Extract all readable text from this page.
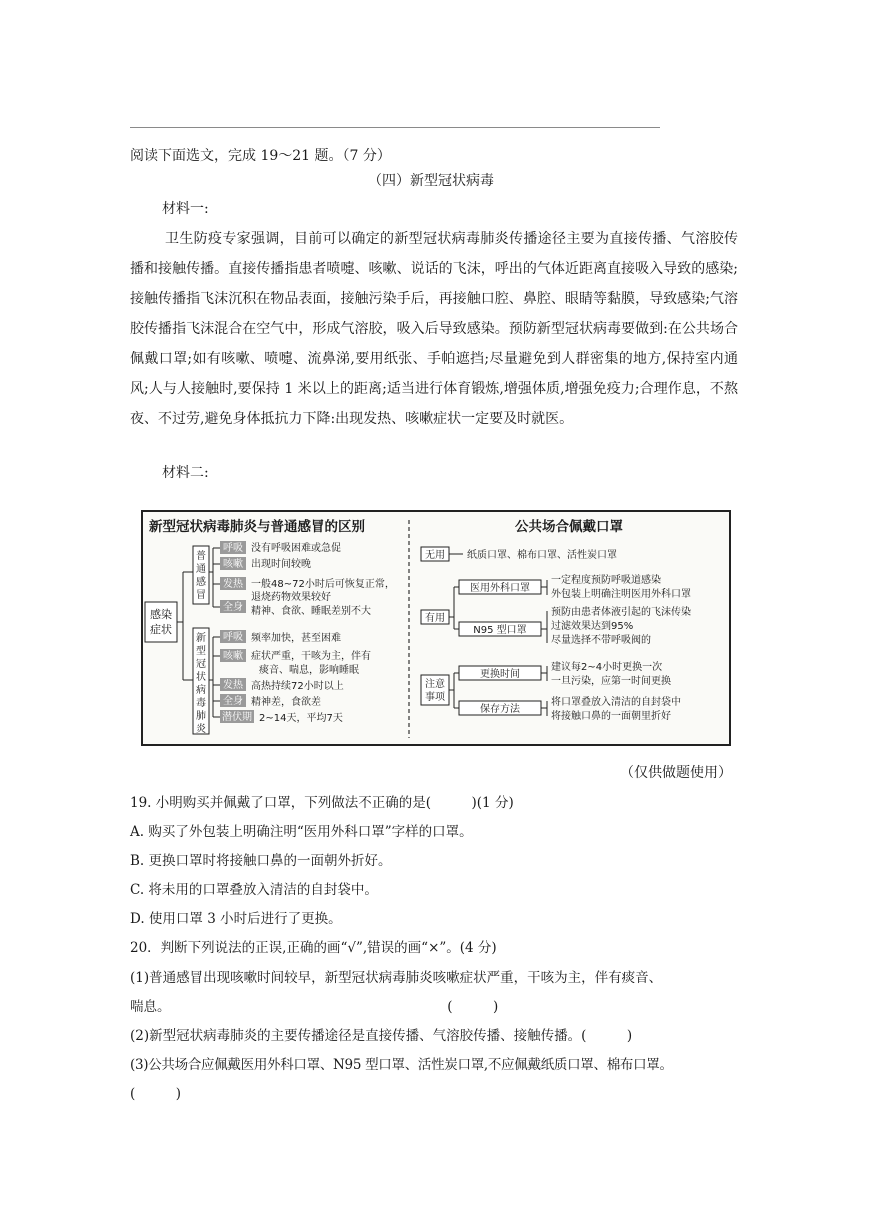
阅读下面选文，完成 19～21 题。（7 分）
（四）新型冠状病毒
材料一:
卫生防疫专家强调，目前可以确定的新型冠状病毒肺炎传播途径主要为直接传播、气溶胶传播和接触传播。直接传播指患者喷嚏、咳嗽、说话的飞沫，呼出的气体近距离直接吸入导致的感染;接触传播指飞沫沉积在物品表面，接触污染手后，再接触口腔、鼻腔、眼睛等黏膜，导致感染;气溶胶传播指飞沫混合在空气中，形成气溶胶，吸入后导致感染。预防新型冠状病毒要做到:在公共场合佩戴口罩;如有咳嗽、喷嚏、流鼻涕,要用纸张、手帕遮挡;尽量避免到人群密集的地方,保持室内通风;人与人接触时,要保持 1 米以上的距离;适当进行体育锻炼,增强体质,增强免疫力;合理作息，不熬夜、不过劳,避免身体抵抗力下降:出现发热、咳嗽症状一定要及时就医。
材料二:
新型冠状病毒肺炎与普通感冒的区别
感染
症状
普
通
感
冒
呼吸 没有呼吸困难或急促
咳嗽 出现时间较晚
发热 一般48~72小时后可恢复正常，
退烧药物效果较好
全身 精神、食欲、睡眠差别不大
新
型
冠
状
病
毒
肺
炎
呼吸 频率加快，甚至困难
咳嗽 症状严重，干咳为主，伴有
痰音、喘息，影响睡眠
发热 高热持续72小时以上
全身 精神差，食欲差
潜伏期 2~14天，平均7天
公共场合佩戴口罩
无用 纸质口罩、棉布口罩、活性炭口罩
有用
医用外科口罩
一定程度预防呼吸道感染
外包装上明确注明医用外科口罩
N95 型口罩
预防由患者体液引起的飞沫传染
过滤效果达到95%
尽量选择不带呼吸阀的
注意
事项
更换时间
建议每2~4小时更换一次
一旦污染，应第一时间更换
保存方法
将口罩叠放入清洁的自封袋中
将接触口鼻的一面朝里折好
（仅供做题使用）
19. 小明购买并佩戴了口罩，下列做法不正确的是(　　　)(1 分)
A. 购买了外包装上明确注明“医用外科口罩”字样的口罩。
B. 更换口罩时将接触口鼻的一面朝外折好。
C. 将未用的口罩叠放入清洁的自封袋中。
D. 使用口罩 3 小时后进行了更换。
20．判断下列说法的正误,正确的画“√”,错误的画“×”。(4 分)
(1)普通感冒出现咳嗽时间较早，新型冠状病毒肺炎咳嗽症状严重，干咳为主，伴有痰音、
喘息。　　　　　　　　　　　　　　　　　　　　　(　　　)
(2)新型冠状病毒肺炎的主要传播途径是直接传播、气溶胶传播、接触传播。(　　　)
(3)公共场合应佩戴医用外科口罩、N95 型口罩、活性炭口罩,不应佩戴纸质口罩、棉布口罩。
(　　　)
